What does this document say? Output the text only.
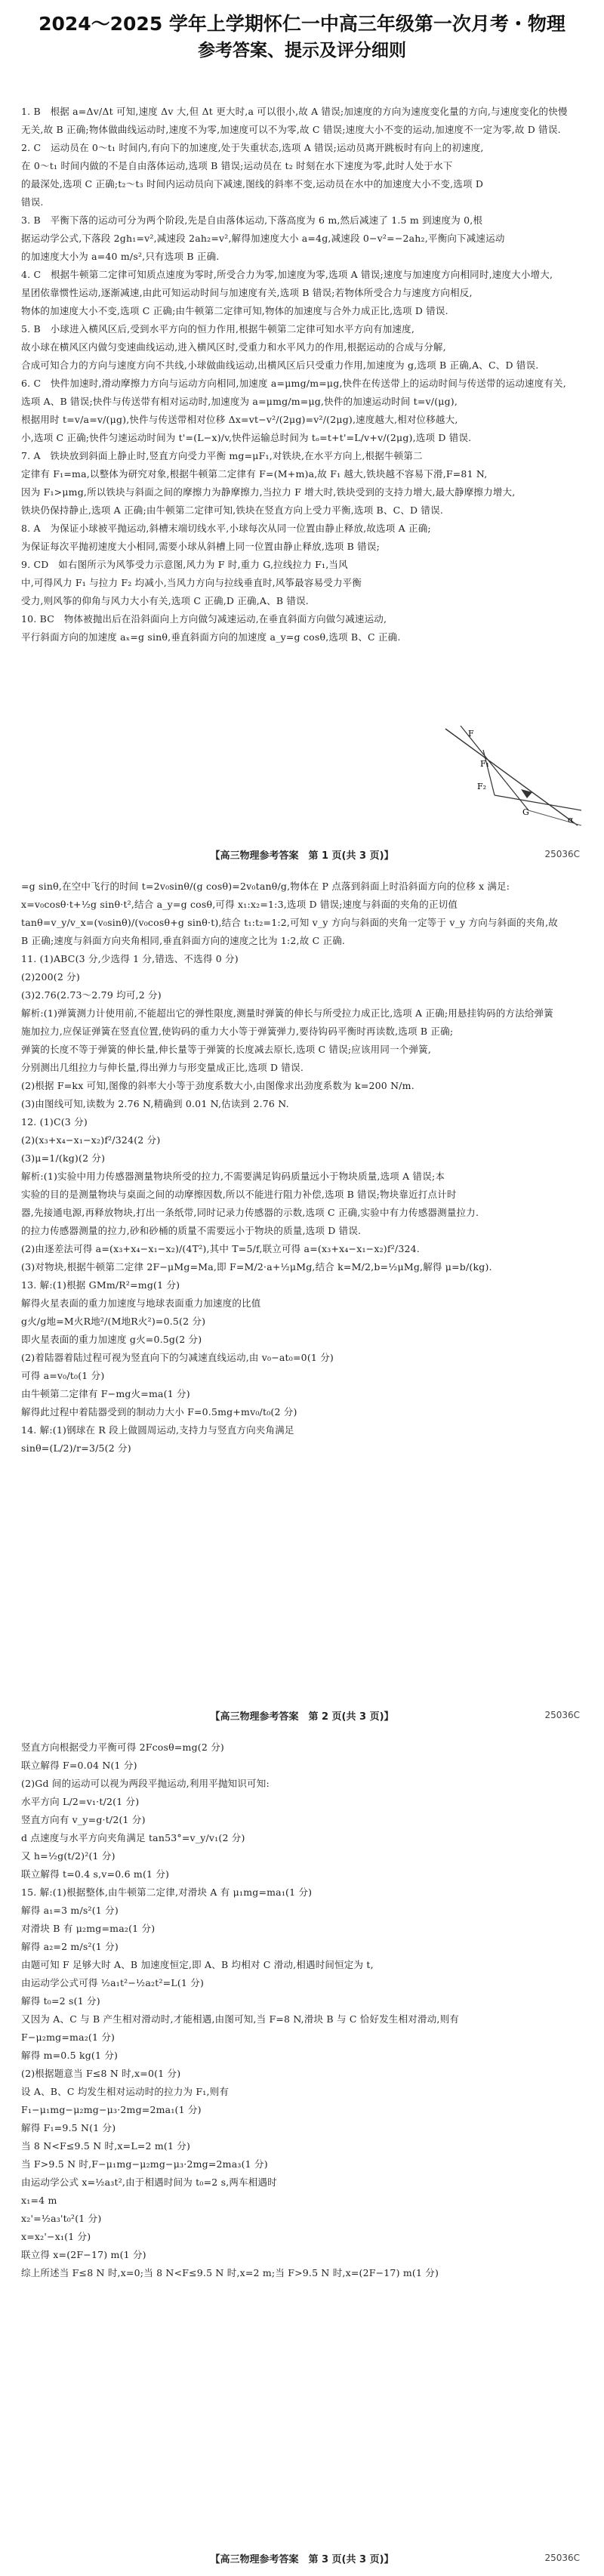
2024～2025 学年上学期怀仁一中高三年级第一次月考・物理
参考答案、提示及评分细则
1. B　根据 a=Δv/Δt 可知,速度 Δv 大,但 Δt 更大时,a 可以很小,故 A 错误;加速度的方向为速度变化量的方向,与速度变化的快慢
无关,故 B 正确;物体做曲线运动时,速度不为零,加速度可以不为零,故 C 错误;速度大小不变的运动,加速度不一定为零,故 D 错误.
2. C　运动员在 0～t₁ 时间内,有向下的加速度,处于失重状态,选项 A 错误;运动员离开跳板时有向上的初速度,
在 0～t₁ 时间内做的不是自由落体运动,选项 B 错误;运动员在 t₂ 时刻在水下速度为零,此时人处于水下
的最深处,选项 C 正确;t₂～t₃ 时间内运动员向下减速,图线的斜率不变,运动员在水中的加速度大小不变,选项 D
错误.
3. B　平衡下落的运动可分为两个阶段,先是自由落体运动,下落高度为 6 m,然后减速了 1.5 m 到速度为 0,根
据运动学公式,下落段 2gh₁=v²,减速段 2ah₂=v²,解得加速度大小 a=4g,减速段 0−v²=−2ah₂,平衡向下减速运动
的加速度大小为 a=40 m/s²,只有选项 B 正确.
4. C　根据牛顿第二定律可知质点速度为零时,所受合力为零,加速度为零,选项 A 错误;速度与加速度方向相同时,速度大小增大,
星团依靠惯性运动,逐渐减速,由此可知运动时间与加速度有关,选项 B 错误;若物体所受合力与速度方向相反,
物体的加速度大小不变,选项 C 正确;由牛顿第二定律可知,物体的加速度与合外力成正比,选项 D 错误.
5. B　小球进入横风区后,受到水平方向的恒力作用,根据牛顿第二定律可知水平方向有加速度,
故小球在横风区内做匀变速曲线运动,进入横风区时,受重力和水平风力的作用,根据运动的合成与分解,
合成可知合力的方向与速度方向不共线,小球做曲线运动,出横风区后只受重力作用,加速度为 g,选项 B 正确,A、C、D 错误.
6. C　快件加速时,滑动摩擦力方向与运动方向相同,加速度 a=μmg/m=μg,快件在传送带上的运动时间与传送带的运动速度有关,
选项 A、B 错误;快件与传送带有相对运动时,加速度为 a=μmg/m=μg,快件的加速运动时间 t=v/(μg),
根据用时 t=v/a=v/(μg),快件与传送带相对位移 Δx=vt−v²/(2μg)=v²/(2μg),速度越大,相对位移越大,
小,选项 C 正确;快件匀速运动时间为 t'=(L−x)/v,快件运输总时间为 tₒ=t+t'=L/v+v/(2μg),选项 D 错误.
7. A　铁块放到斜面上静止时,竖直方向受力平衡 mg=μF₁,对铁块,在水平方向上,根据牛顿第二
定律有 F₁=ma,以整体为研究对象,根据牛顿第二定律有 F=(M+m)a,故 F₁ 越大,铁块越不容易下滑,F=81 N,
因为 F₁>μmg,所以铁块与斜面之间的摩擦力为静摩擦力,当拉力 F 增大时,铁块受到的支持力增大,最大静摩擦力增大,
铁块仍保持静止,选项 A 正确;由牛顿第二定律可知,铁块在竖直方向上受力平衡,选项 B、C、D 错误.
8. A　为保证小球被平抛运动,斜槽末端切线水平,小球每次从同一位置由静止释放,故选项 A 正确;
为保证每次平抛初速度大小相同,需要小球从斜槽上同一位置由静止释放,选项 B 错误;
9. CD　如右图所示为风筝受力示意图,风力为 F 时,重力 G,拉线拉力 F₁,当风
中,可得风力 F₁ 与拉力 F₂ 均减小,当风力方向与拉线垂直时,风筝最容易受力平衡
受力,则风筝的仰角与风力大小有关,选项 C 正确,D 正确,A、B 错误.
10. BC　物体被抛出后在沿斜面向上方向做匀减速运动,在垂直斜面方向做匀减速运动,
平行斜面方向的加速度 aₓ=g sinθ,垂直斜面方向的加速度 a_y=g cosθ,选项 B、C 正确.
F
F₁
F₂
G
α
【高三物理参考答案　第 1 页(共 3 页)】	25036C
=g sinθ,在空中飞行的时间 t=2v₀sinθ/(g cosθ)=2v₀tanθ/g,物体在 P 点落到斜面上时沿斜面方向的位移 x 满足:
x=v₀cosθ·t+½g sinθ·t²,结合 a_y=g cosθ,可得 x₁:x₂=1:3,选项 D 错误;速度与斜面的夹角的正切值
tanθ=v_y/v_x=(v₀sinθ)/(v₀cosθ+g sinθ·t),结合 t₁:t₂=1:2,可知 v_y 方向与斜面的夹角一定等于 v_y 方向与斜面的夹角,故
B 正确;速度与斜面方向夹角相同,垂直斜面方向的速度之比为 1:2,故 C 正确.
11. (1)ABC(3 分,少选得 1 分,错选、不选得 0 分)
(2)200(2 分)
(3)2.76(2.73～2.79 均可,2 分)
解析:(1)弹簧测力计使用前,不能超出它的弹性限度,测量时弹簧的伸长与所受拉力成正比,选项 A 正确;用悬挂钩码的方法给弹簧
施加拉力,应保证弹簧在竖直位置,使钩码的重力大小等于弹簧弹力,要待钩码平衡时再读数,选项 B 正确;
弹簧的长度不等于弹簧的伸长量,伸长量等于弹簧的长度减去原长,选项 C 错误;应该用同一个弹簧,
分别测出几组拉力与伸长量,得出弹力与形变量成正比,选项 D 错误.
(2)根据 F=kx 可知,图像的斜率大小等于劲度系数大小,由图像求出劲度系数为 k=200 N/m.
(3)由图线可知,读数为 2.76 N,精确到 0.01 N,估读到 2.76 N.
12. (1)C(3 分)
(2)(x₃+x₄−x₁−x₂)f²/324(2 分)
(3)μ=1/(kg)(2 分)
解析:(1)实验中用力传感器测量物块所受的拉力,不需要满足钩码质量远小于物块质量,选项 A 错误;本
实验的目的是测量物块与桌面之间的动摩擦因数,所以不能进行阻力补偿,选项 B 错误;物块靠近打点计时
器,先接通电源,再释放物块,打出一条纸带,同时记录力传感器的示数,选项 C 正确,实验中有力传感器测量拉力.
的拉力传感器测量的拉力,砂和砂桶的质量不需要远小于物块的质量,选项 D 错误.
(2)由逐差法可得 a=(x₃+x₄−x₁−x₂)/(4T²),其中 T=5/f,联立可得 a=(x₃+x₄−x₁−x₂)f²/324.
(3)对物块,根据牛顿第二定律 2F−μMg=Ma,即 F=M/2·a+½μMg,结合 k=M/2,b=½μMg,解得 μ=b/(kg).
13. 解:(1)根据 GMm/R²=mg(1 分)
解得火星表面的重力加速度与地球表面重力加速度的比值
g火/g地=M火R地²/(M地R火²)=0.5(2 分)
即火星表面的重力加速度 g火=0.5g(2 分)
(2)着陆器着陆过程可视为竖直向下的匀减速直线运动,由 v₀−at₀=0(1 分)
可得 a=v₀/t₀(1 分)
由牛顿第二定律有 F−mg火=ma(1 分)
解得此过程中着陆器受到的制动力大小 F=0.5mg+mv₀/t₀(2 分)
14. 解:(1)钢球在 R 段上做圆周运动,支持力与竖直方向夹角满足
sinθ=(L/2)/r=3/5(2 分)
【高三物理参考答案　第 2 页(共 3 页)】	25036C
竖直方向根据受力平衡可得 2Fcosθ=mg(2 分)
联立解得 F=0.04 N(1 分)
(2)Gd 间的运动可以视为两段平抛运动,利用平抛知识可知:
水平方向 L/2=v₁·t/2(1 分)
竖直方向有 v_y=g·t/2(1 分)
d 点速度与水平方向夹角满足 tan53°=v_y/v₁(2 分)
又 h=½g(t/2)²(1 分)
联立解得 t=0.4 s,v=0.6 m(1 分)
15. 解:(1)根据整体,由牛顿第二定律,对滑块 A 有 μ₁mg=ma₁(1 分)
解得 a₁=3 m/s²(1 分)
对滑块 B 有 μ₂mg=ma₂(1 分)
解得 a₂=2 m/s²(1 分)
由题可知 F 足够大时 A、B 加速度恒定,即 A、B 均相对 C 滑动,相遇时间恒定为 t,
由运动学公式可得 ½a₁t²−½a₂t²=L(1 分)
解得 t₀=2 s(1 分)
又因为 A、C 与 B 产生相对滑动时,才能相遇,由图可知,当 F=8 N,滑块 B 与 C 恰好发生相对滑动,则有
F−μ₂mg=ma₂(1 分)
解得 m=0.5 kg(1 分)
(2)根据题意当 F≤8 N 时,x=0(1 分)
设 A、B、C 均发生相对运动时的拉力为 F₁,则有
F₁−μ₁mg−μ₂mg−μ₃·2mg=2ma₁(1 分)
解得 F₁=9.5 N(1 分)
当 8 N<F≤9.5 N 时,x=L=2 m(1 分)
当 F>9.5 N 时,F−μ₁mg−μ₂mg−μ₃·2mg=2ma₃(1 分)
由运动学公式 x=½a₃t²,由于相遇时间为 t₀=2 s,两车相遇时
x₁=4 m
x₂'=½a₃'t₀²(1 分)
x=x₂'−x₁(1 分)
联立得 x=(2F−17) m(1 分)
综上所述当 F≤8 N 时,x=0;当 8 N<F≤9.5 N 时,x=2 m;当 F>9.5 N 时,x=(2F−17) m(1 分)
【高三物理参考答案　第 3 页(共 3 页)】	25036C
